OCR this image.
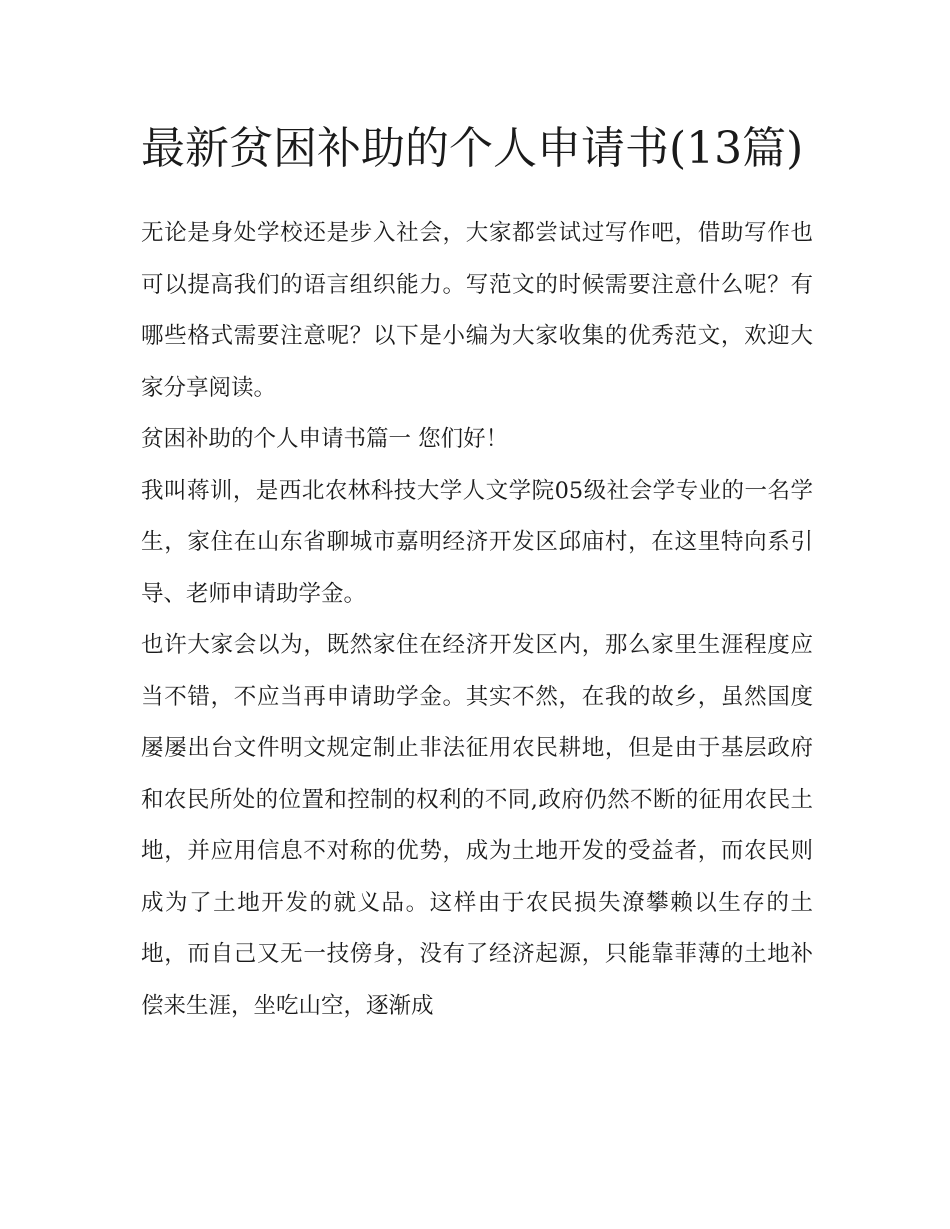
最新贫困补助的个人申请书(13篇)

无论是身处学校还是步入社会，大家都尝试过写作吧，借助写作也可以提高我们的语言组织能力。写范文的时候需要注意什么呢？有哪些格式需要注意呢？以下是小编为大家收集的优秀范文，欢迎大家分享阅读。

贫困补助的个人申请书篇一 您们好！

我叫蒋训，是西北农林科技大学人文学院05级社会学专业的一名学生，家住在山东省聊城市嘉明经济开发区邱庙村，在这里特向系引导、老师申请助学金。

也许大家会以为，既然家住在经济开发区内，那么家里生涯程度应当不错，不应当再申请助学金。其实不然，在我的故乡，虽然国度屡屡出台文件明文规定制止非法征用农民耕地，但是由于基层政府和农民所处的位置和控制的权利的不同,政府仍然不断的征用农民土地，并应用信息不对称的优势，成为土地开发的受益者，而农民则成为了土地开发的就义品。这样由于农民损失潦攀赖以生存的土地，而自己又无一技傍身，没有了经济起源，只能靠菲薄的土地补偿来生涯，坐吃山空，逐渐成
